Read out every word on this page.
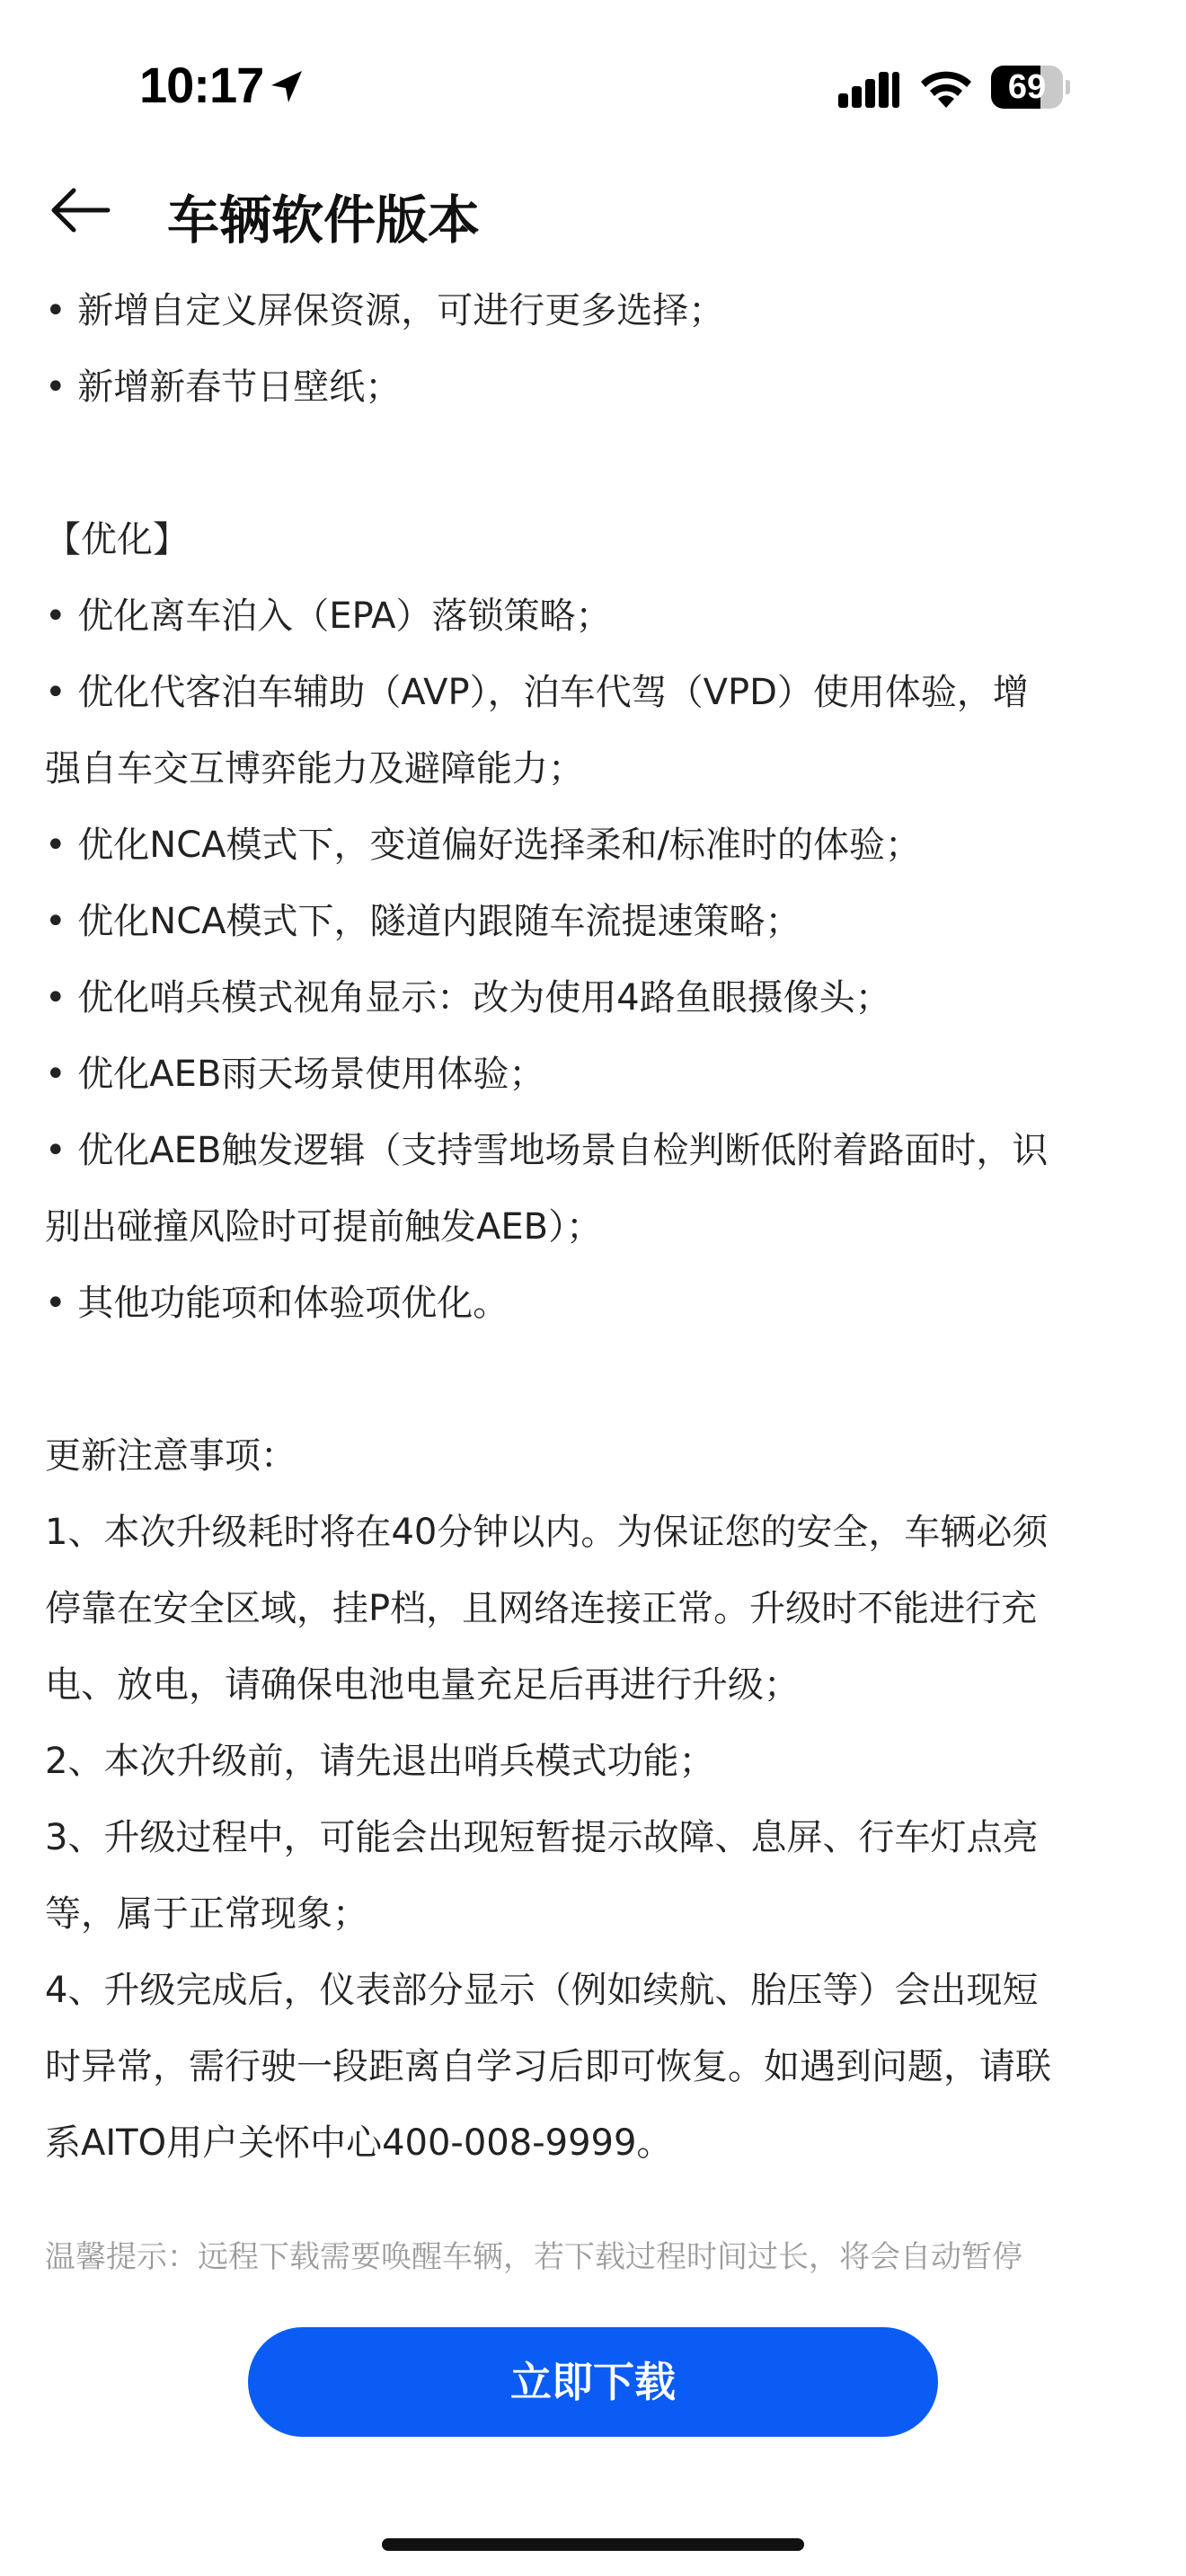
10:17	69
车辆软件版本
• 新增自定义屏保资源，可进行更多选择；
• 新增新春节日壁纸；
【优化】
• 优化离车泊入（EPA）落锁策略；
• 优化代客泊车辅助（AVP），泊车代驾（VPD）使用体验，增
强自车交互博弈能力及避障能力；
• 优化NCA模式下，变道偏好选择柔和/标准时的体验；
• 优化NCA模式下，隧道内跟随车流提速策略；
• 优化哨兵模式视角显示：改为使用4路鱼眼摄像头；
• 优化AEB雨天场景使用体验；
• 优化AEB触发逻辑（支持雪地场景自检判断低附着路面时，识
别出碰撞风险时可提前触发AEB）；
• 其他功能项和体验项优化。
更新注意事项：
1、本次升级耗时将在40分钟以内。为保证您的安全，车辆必须
停靠在安全区域，挂P档，且网络连接正常。升级时不能进行充
电、放电，请确保电池电量充足后再进行升级；
2、本次升级前，请先退出哨兵模式功能；
3、升级过程中，可能会出现短暂提示故障、息屏、行车灯点亮
等，属于正常现象；
4、升级完成后，仪表部分显示（例如续航、胎压等）会出现短
时异常，需行驶一段距离自学习后即可恢复。如遇到问题，请联
系AITO用户关怀中心400-008-9999。
温馨提示：远程下载需要唤醒车辆，若下载过程时间过长，将会自动暂停
立即下载
